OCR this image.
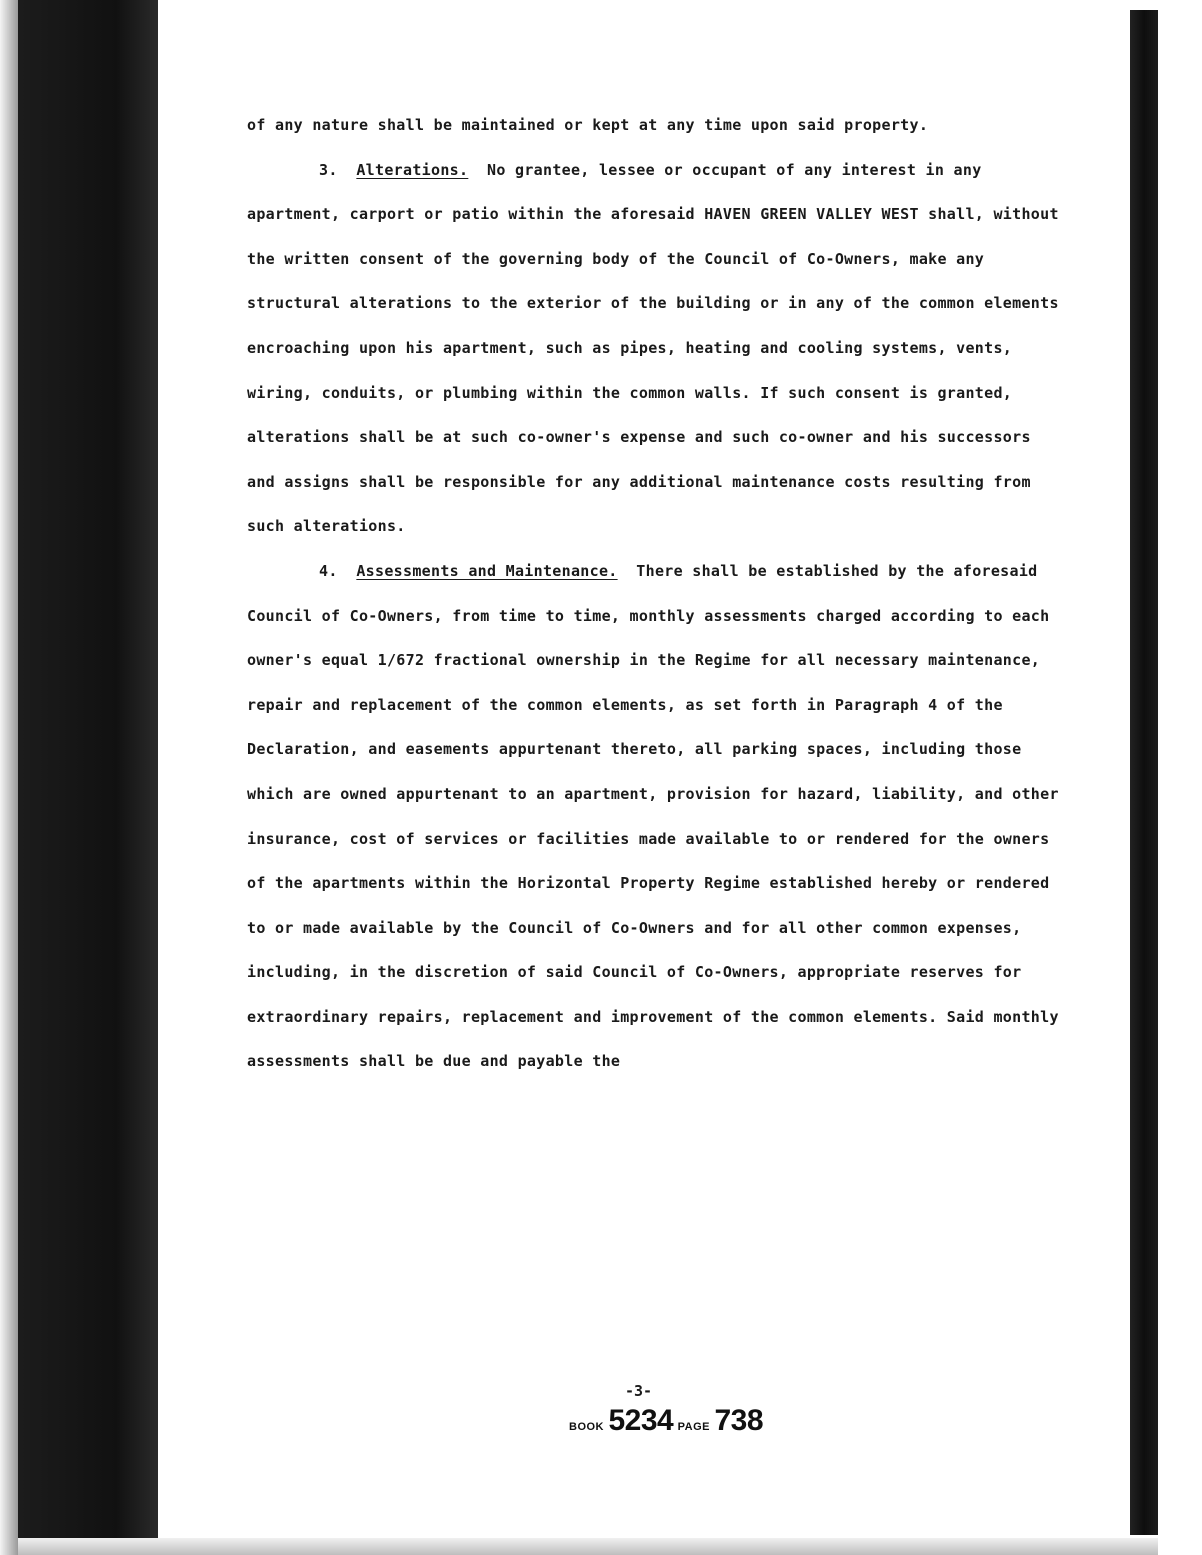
of any nature shall be maintained or kept at any time upon said property.

3. Alterations. No grantee, lessee or occupant of any interest in any apartment, carport or patio within the aforesaid HAVEN GREEN VALLEY WEST shall, without the written consent of the governing body of the Council of Co-Owners, make any structural alterations to the exterior of the building or in any of the common elements encroaching upon his apartment, such as pipes, heating and cooling systems, vents, wiring, conduits, or plumbing within the common walls. If such consent is granted, alterations shall be at such co-owner's expense and such co-owner and his successors and assigns shall be responsible for any additional maintenance costs resulting from such alterations.

4. Assessments and Maintenance. There shall be established by the aforesaid Council of Co-Owners, from time to time, monthly assessments charged according to each owner's equal 1/672 fractional ownership in the Regime for all necessary maintenance, repair and replacement of the common elements, as set forth in Paragraph 4 of the Declaration, and easements appurtenant thereto, all parking spaces, including those which are owned appurtenant to an apartment, provision for hazard, liability, and other insurance, cost of services or facilities made available to or rendered for the owners of the apartments within the Horizontal Property Regime established hereby or rendered to or made available by the Council of Co-Owners and for all other common expenses, including, in the discretion of said Council of Co-Owners, appropriate reserves for extraordinary repairs, replacement and improvement of the common elements. Said monthly assessments shall be due and payable the

-3-
BOOK 5234 PAGE 738
